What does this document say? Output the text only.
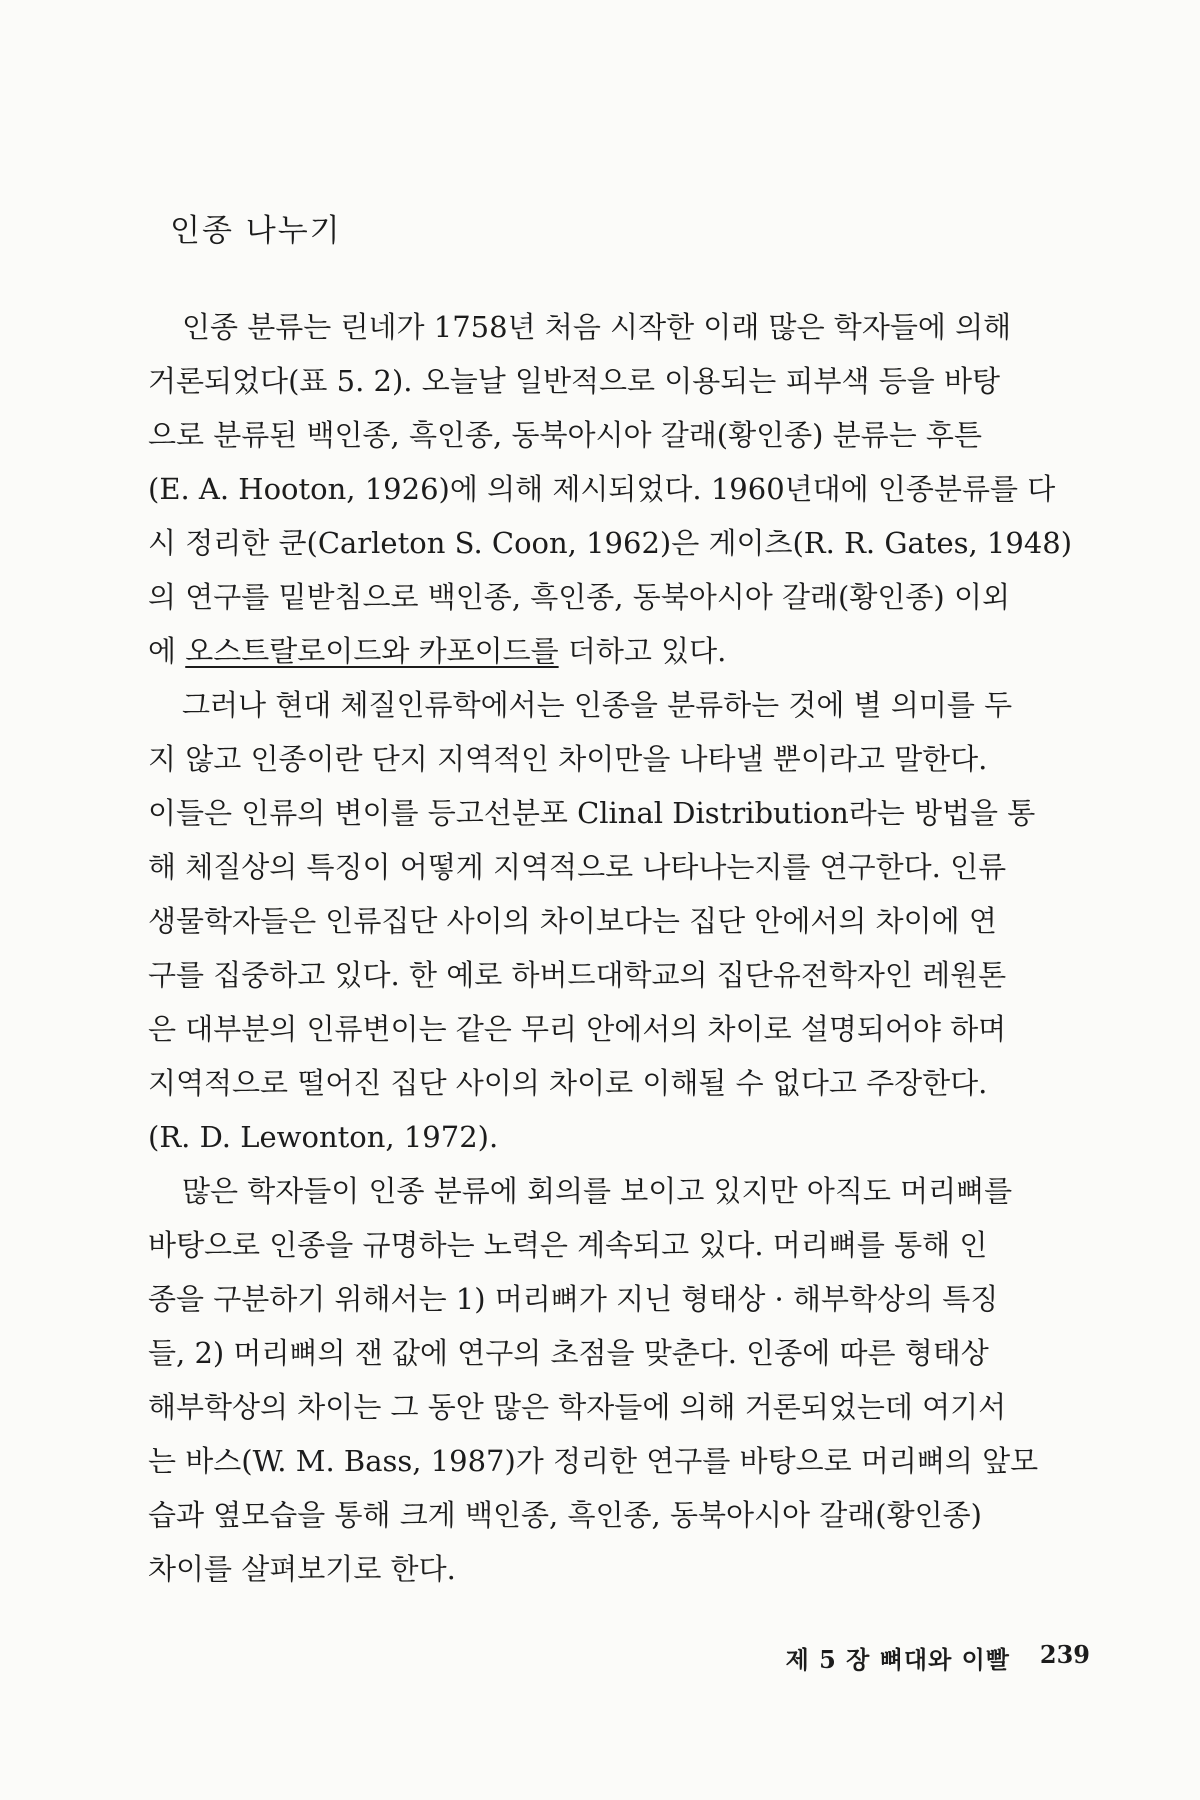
인종 나누기

인종 분류는 린네가 1758년 처음 시작한 이래 많은 학자들에 의해
거론되었다(표 5. 2). 오늘날 일반적으로 이용되는 피부색 등을 바탕
으로 분류된 백인종, 흑인종, 동북아시아 갈래(황인종) 분류는 후튼
(E. A. Hooton, 1926)에 의해 제시되었다. 1960년대에 인종분류를 다
시 정리한 쿤(Carleton S. Coon, 1962)은 게이츠(R. R. Gates, 1948)
의 연구를 밑받침으로 백인종, 흑인종, 동북아시아 갈래(황인종) 이외
에 오스트랄로이드와 카포이드를 더하고 있다.

그러나 현대 체질인류학에서는 인종을 분류하는 것에 별 의미를 두
지 않고 인종이란 단지 지역적인 차이만을 나타낼 뿐이라고 말한다.
이들은 인류의 변이를 등고선분포 Clinal Distribution라는 방법을 통
해 체질상의 특징이 어떻게 지역적으로 나타나는지를 연구한다. 인류
생물학자들은 인류집단 사이의 차이보다는 집단 안에서의 차이에 연
구를 집중하고 있다. 한 예로 하버드대학교의 집단유전학자인 레원톤
은 대부분의 인류변이는 같은 무리 안에서의 차이로 설명되어야 하며
지역적으로 떨어진 집단 사이의 차이로 이해될 수 없다고 주장한다.
(R. D. Lewonton, 1972).

많은 학자들이 인종 분류에 회의를 보이고 있지만 아직도 머리뼈를
바탕으로 인종을 규명하는 노력은 계속되고 있다. 머리뼈를 통해 인
종을 구분하기 위해서는 1) 머리뼈가 지닌 형태상 · 해부학상의 특징
들, 2) 머리뼈의 잰 값에 연구의 초점을 맞춘다. 인종에 따른 형태상
해부학상의 차이는 그 동안 많은 학자들에 의해 거론되었는데 여기서
는 바스(W. M. Bass, 1987)가 정리한 연구를 바탕으로 머리뼈의 앞모
습과 옆모습을 통해 크게 백인종, 흑인종, 동북아시아 갈래(황인종)
차이를 살펴보기로 한다.

제 5 장 뼈대와 이빨 239
